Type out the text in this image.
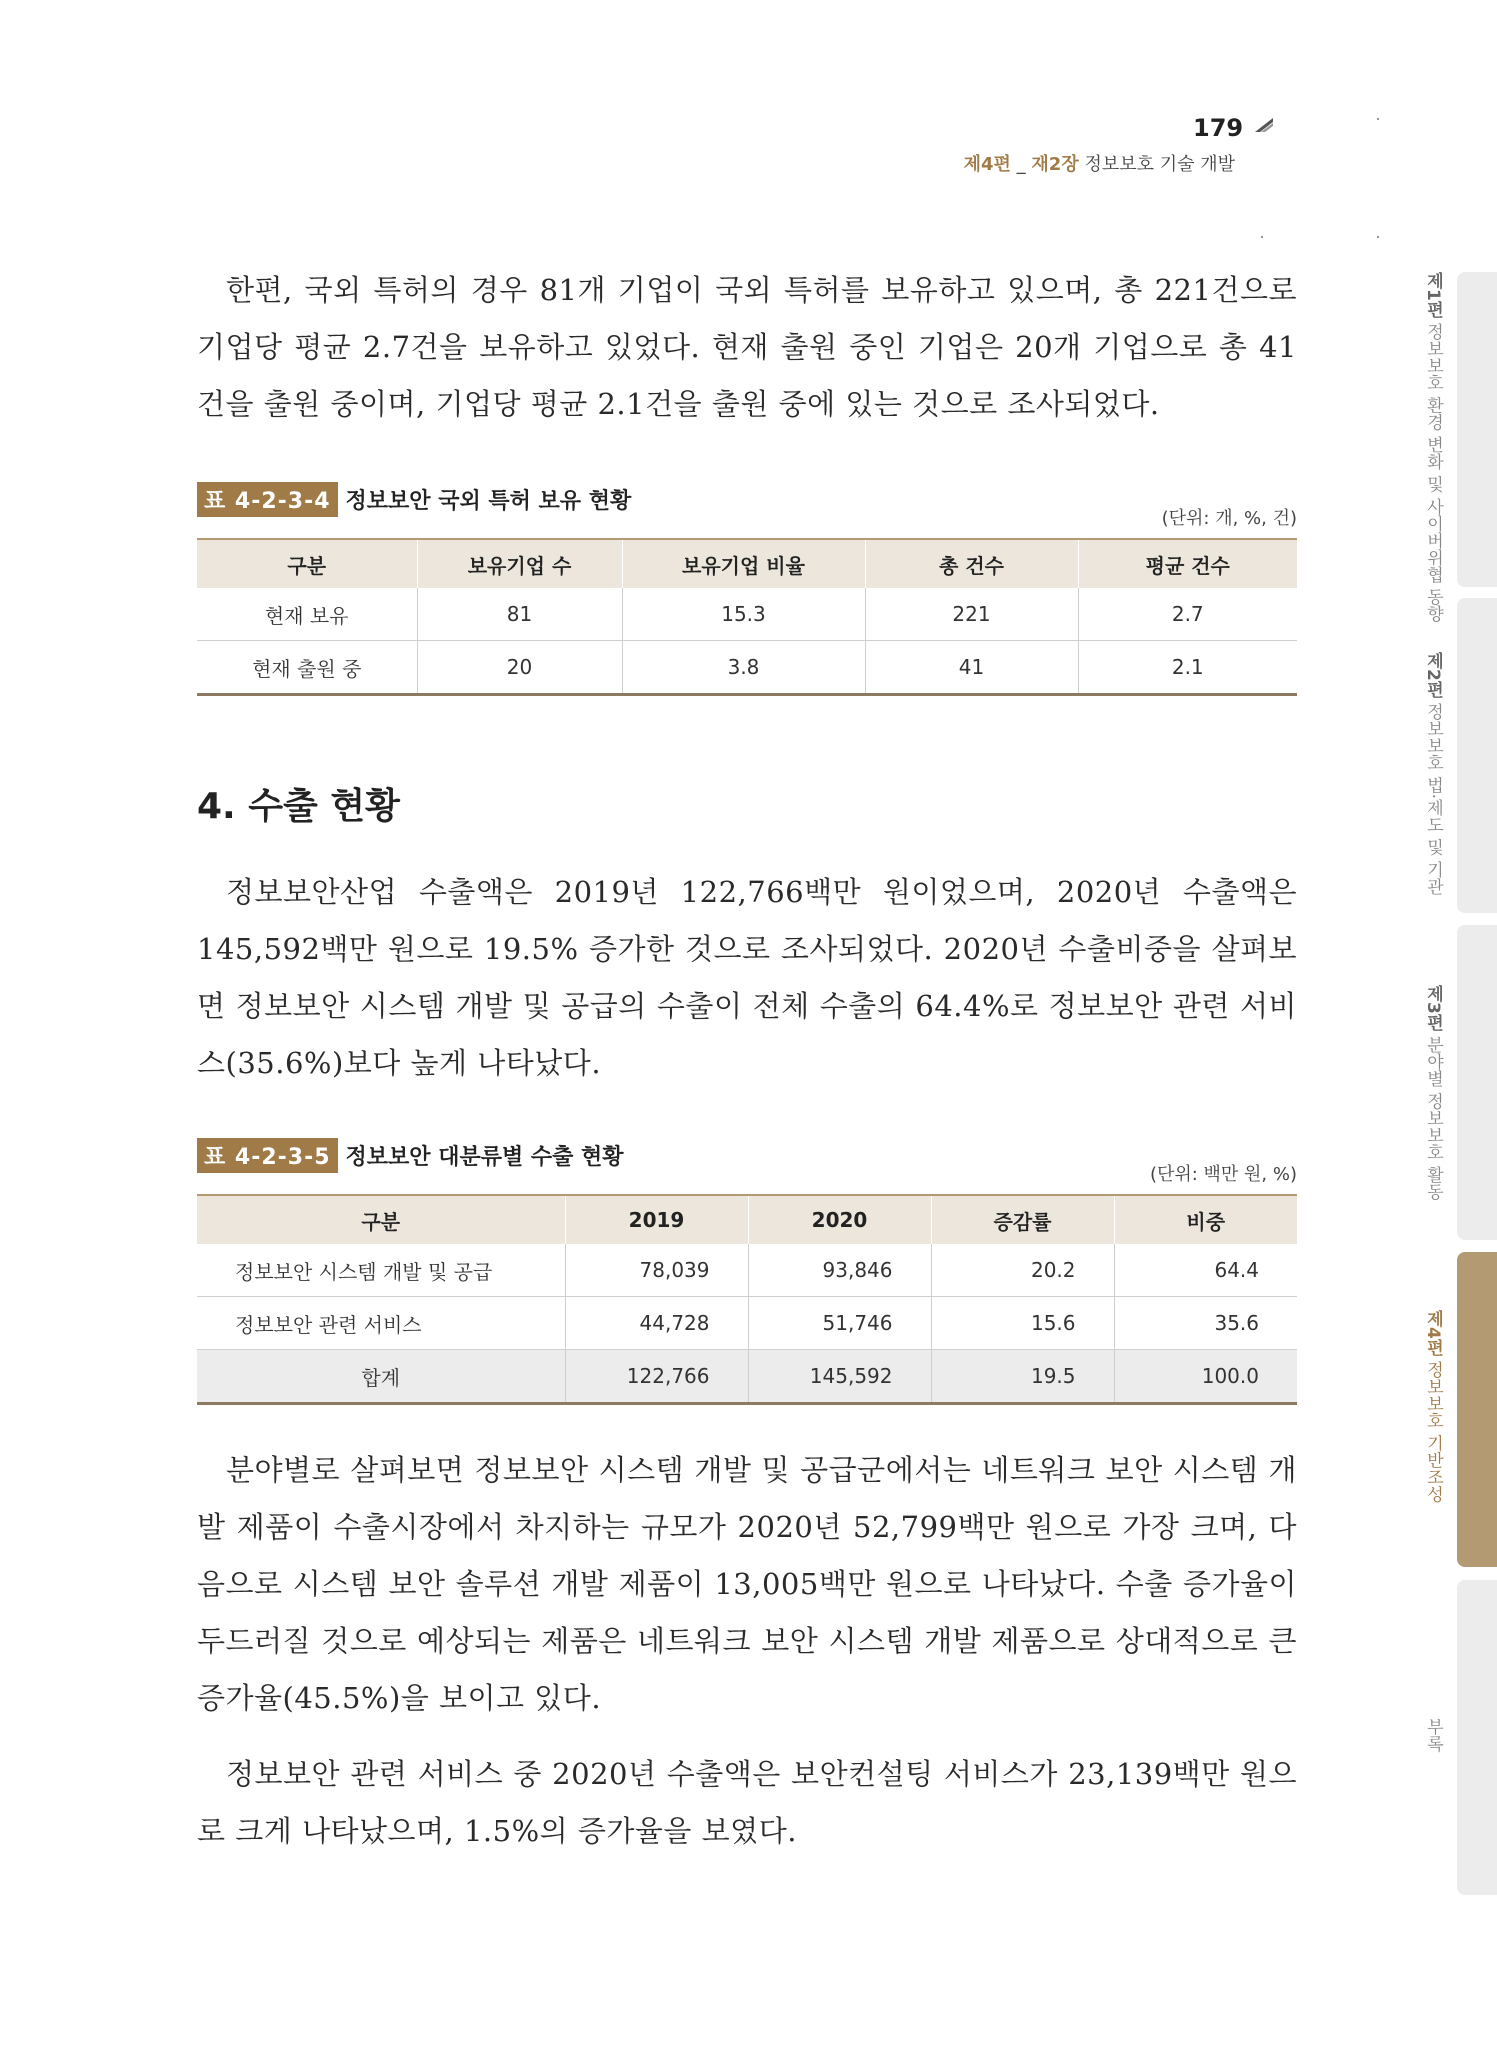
179
제4편 _ 재2장 정보보호 기술 개발
제1편 정보보호 환경 변화 및 사이버위협 동향
제2편 정보보호 법·제도 및 기관
제3편 분야별 정보보호 활동
제4편 정보보호 기반조성
부록

한편, 국외 특허의 경우 81개 기업이 국외 특허를 보유하고 있으며, 총 221건으로 기업당 평균 2.7건을 보유하고 있었다. 현재 출원 중인 기업은 20개 기업으로 총 41건을 출원 중이며, 기업당 평균 2.1건을 출원 중에 있는 것으로 조사되었다.

표 4-2-3-4 정보보안 국외 특허 보유 현황
(단위: 개, %, 건)
구분	보유기업 수	보유기업 비율	총 건수	평균 건수
현재 보유	81	15.3	221	2.7
현재 출원 중	20	3.8	41	2.1
4. 수출 현황

정보보안산업 수출액은 2019년 122,766백만 원이었으며, 2020년 수출액은 145,592백만 원으로 19.5% 증가한 것으로 조사되었다. 2020년 수출비중을 살펴보면 정보보안 시스템 개발 및 공급의 수출이 전체 수출의 64.4%로 정보보안 관련 서비스(35.6%)보다 높게 나타났다.

표 4-2-3-5 정보보안 대분류별 수출 현황
(단위: 백만 원, %)
구분	2019	2020	증감률	비중
정보보안 시스템 개발 및 공급	78,039	93,846	20.2	64.4
정보보안 관련 서비스	44,728	51,746	15.6	35.6
합계	122,766	145,592	19.5	100.0

분야별로 살펴보면 정보보안 시스템 개발 및 공급군에서는 네트워크 보안 시스템 개발 제품이 수출시장에서 차지하는 규모가 2020년 52,799백만 원으로 가장 크며, 다음으로 시스템 보안 솔루션 개발 제품이 13,005백만 원으로 나타났다. 수출 증가율이 두드러질 것으로 예상되는 제품은 네트워크 보안 시스템 개발 제품으로 상대적으로 큰 증가율(45.5%)을 보이고 있다.

정보보안 관련 서비스 중 2020년 수출액은 보안컨설팅 서비스가 23,139백만 원으로 크게 나타났으며, 1.5%의 증가율을 보였다.
